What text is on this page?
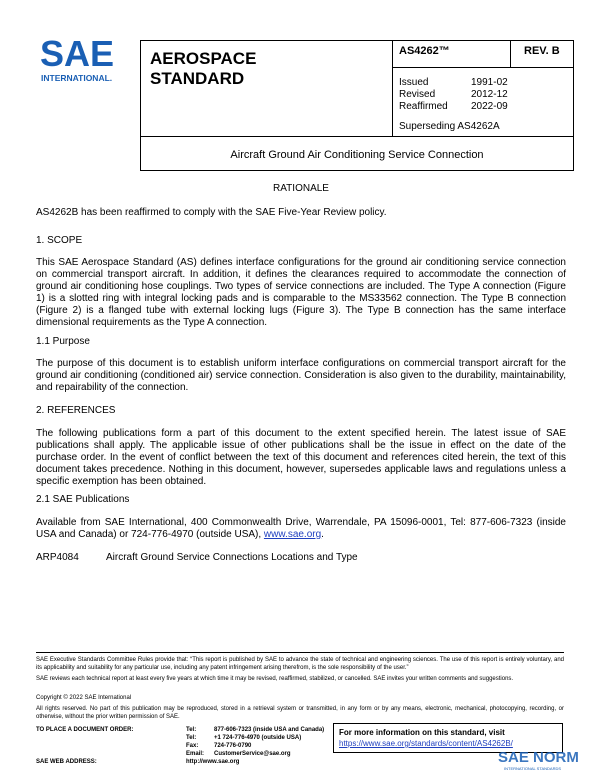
SAE
INTERNATIONAL.
AEROSPACE
STANDARD
AS4262™	REV. B
Issued	1991-02
Revised	2012-12
Reaffirmed	2022-09
Superseding AS4262A
Aircraft Ground Air Conditioning Service Connection
RATIONALE
AS4262B has been reaffirmed to comply with the SAE Five-Year Review policy.
1. SCOPE
This SAE Aerospace Standard (AS) defines interface configurations for the ground air conditioning service connection on commercial transport aircraft. In addition, it defines the clearances required to accommodate the connection of ground air conditioning hose couplings. Two types of service connections are included. The Type A connection (Figure 1) is a slotted ring with integral locking pads and is comparable to the MS33562 connection. The Type B connection (Figure 2) is a flanged tube with external locking lugs (Figure 3). The Type B connection has the same interface dimensional requirements as the Type A connection.
1.1 Purpose
The purpose of this document is to establish uniform interface configurations on commercial transport aircraft for the ground air conditioning (conditioned air) service connection. Consideration is also given to the durability, maintainability, and repairability of the connection.
2. REFERENCES
The following publications form a part of this document to the extent specified herein. The latest issue of SAE publications shall apply. The applicable issue of other publications shall be the issue in effect on the date of the purchase order. In the event of conflict between the text of this document and references cited herein, the text of this document takes precedence. Nothing in this document, however, supersedes applicable laws and regulations unless a specific exemption has been obtained.
2.1 SAE Publications
Available from SAE International, 400 Commonwealth Drive, Warrendale, PA 15096-0001, Tel: 877-606-7323 (inside USA and Canada) or 724-776-4970 (outside USA), www.sae.org.
ARP4084	Aircraft Ground Service Connections Locations and Type
SAE Executive Standards Committee Rules provide that: “This report is published by SAE to advance the state of technical and engineering sciences. The use of this report is entirely voluntary, and its applicability and suitability for any particular use, including any patent infringement arising therefrom, is the sole responsibility of the user.”
SAE reviews each technical report at least every five years at which time it may be revised, reaffirmed, stabilized, or cancelled. SAE invites your written comments and suggestions.
Copyright © 2022 SAE International
All rights reserved. No part of this publication may be reproduced, stored in a retrieval system or transmitted, in any form or by any means, electronic, mechanical, photocopying, recording, or otherwise, without the prior written permission of SAE.
TO PLACE A DOCUMENT ORDER:	Tel:	877-606-7323 (inside USA and Canada)
	Tel:	+1 724-776-4970 (outside USA)
	Fax:	724-776-0790
	Email:	CustomerService@sae.org
SAE WEB ADDRESS:	http://www.sae.org	
For more information on this standard, visit
https://www.sae.org/standards/content/AS4262B/
SAE NORM
INTERNATIONAL STANDARDS
